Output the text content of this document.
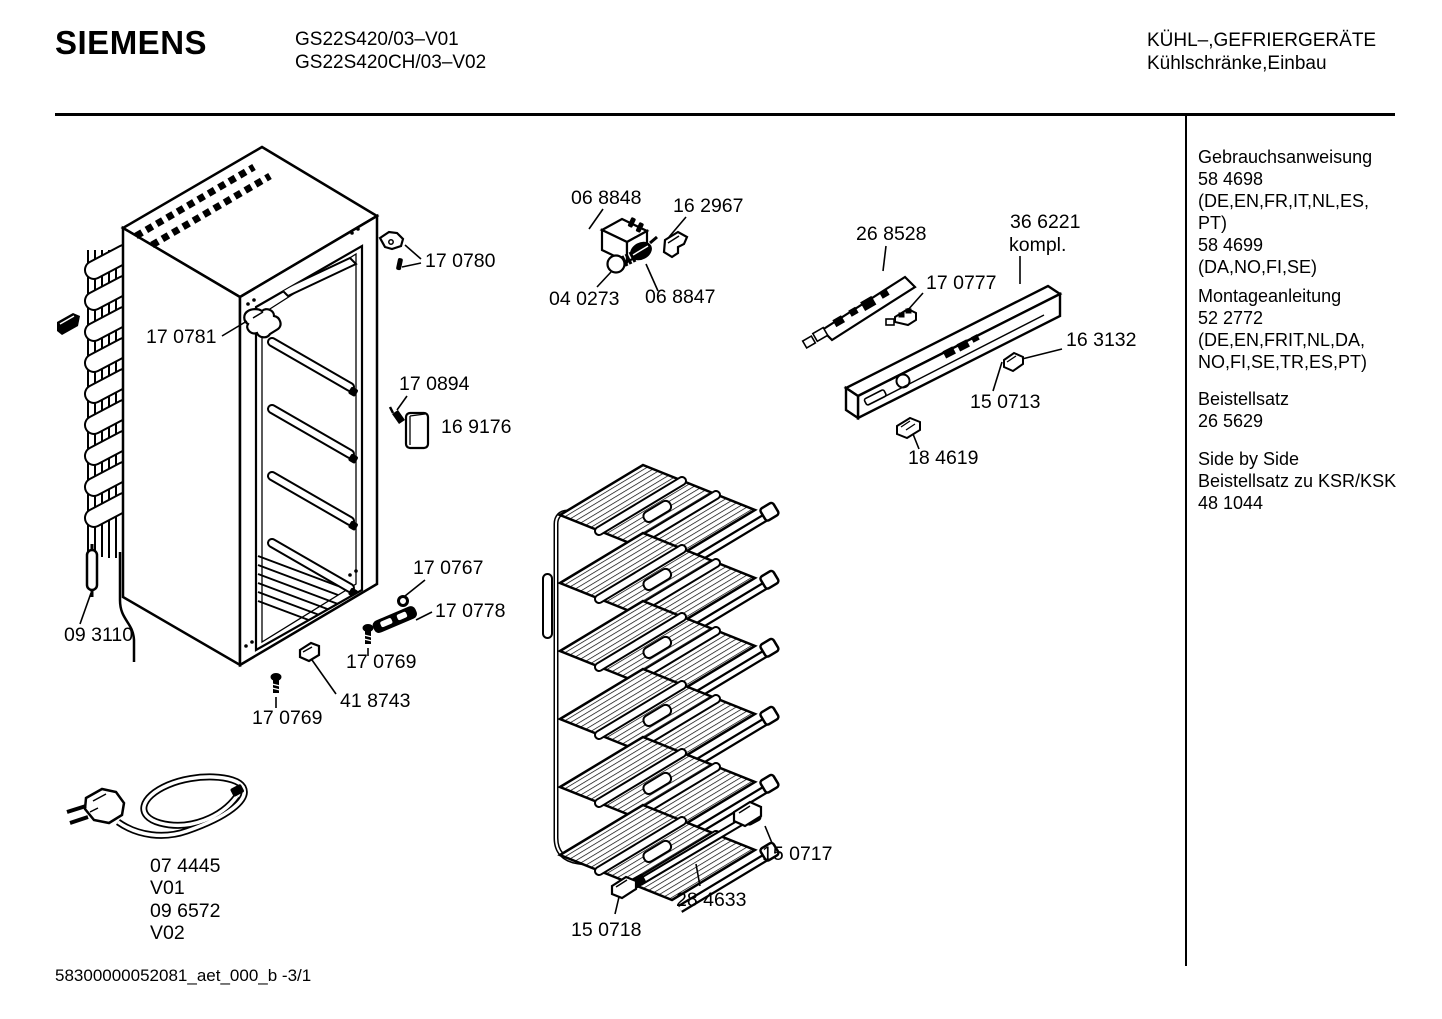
SIEMENS	GS22S420/03–V01
GS22S420CH/03–V02
KÜHL–,GEFRIERGERÄTE
Kühlschränke,Einbau
Gebrauchsanweisung
58 4698
(DE,EN,FR,IT,NL,ES,
PT)
58 4699
(DA,NO,FI,SE)
Montageanleitung
52 2772
(DE,EN,FRIT,NL,DA,
NO,FI,SE,TR,ES,PT)
Beistellsatz
26 5629
Side by Side
Beistellsatz zu KSR/KSK
48 1044
58300000052081_aet_000_b -3/1
17 0780
17 0781
17 0894
16 9176
09 3110
17 0767
17 0778
17 0769
41 8743
17 0769
07 4445
V01
09 6572
V02
06 8848 16 2967
04 0273 06 8847
26 8528
17 0777
36 6221
kompl.
16 3132
15 0713
18 4619
15 0717
28 4633
15 0718
